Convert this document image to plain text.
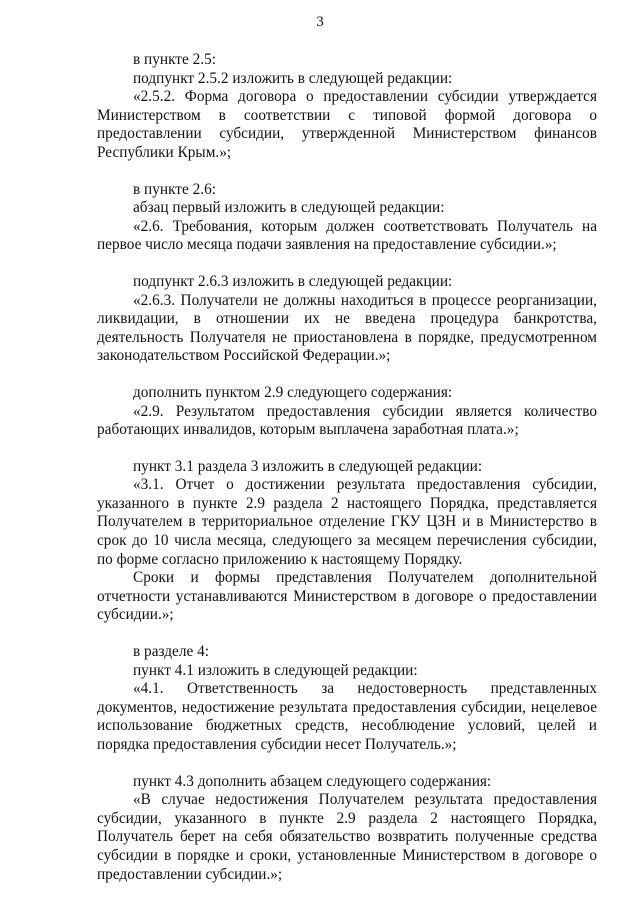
3

в пункте 2.5:

подпункт 2.5.2 изложить в следующей редакции:

«2.5.2. Форма договора о предоставлении субсидии утверждается Министерством в соответствии с типовой формой договора о предоставлении субсидии, утвержденной Министерством финансов Республики Крым.»;

в пункте 2.6:

абзац первый изложить в следующей редакции:

«2.6. Требования, которым должен соответствовать Получатель на первое число месяца подачи заявления на предоставление субсидии.»;

подпункт 2.6.3 изложить в следующей редакции:

«2.6.3. Получатели не должны находиться в процессе реорганизации, ликвидации, в отношении их не введена процедура банкротства, деятельность Получателя не приостановлена в порядке, предусмотренном законодательством Российской Федерации.»;

дополнить пунктом 2.9 следующего содержания:

«2.9. Результатом предоставления субсидии является количество работающих инвалидов, которым выплачена заработная плата.»;

пункт 3.1 раздела 3 изложить в следующей редакции:

«3.1. Отчет о достижении результата предоставления субсидии, указанного в пункте 2.9 раздела 2 настоящего Порядка, представляется Получателем в территориальное отделение ГКУ ЦЗН и в Министерство в срок до 10 числа месяца, следующего за месяцем перечисления субсидии, по форме согласно приложению к настоящему Порядку.

Сроки и формы представления Получателем дополнительной отчетности устанавливаются Министерством в договоре о предоставлении субсидии.»;

в разделе 4:

пункт 4.1 изложить в следующей редакции:

«4.1. Ответственность за недостоверность представленных документов, недостижение результата предоставления субсидии, нецелевое использование бюджетных средств, несоблюдение условий, целей и порядка предоставления субсидии несет Получатель.»;

пункт 4.3 дополнить абзацем следующего содержания:

«В случае недостижения Получателем результата предоставления субсидии, указанного в пункте 2.9 раздела 2 настоящего Порядка, Получатель берет на себя обязательство возвратить полученные средства субсидии в порядке и сроки, установленные Министерством в договоре о предоставлении субсидии.»;
